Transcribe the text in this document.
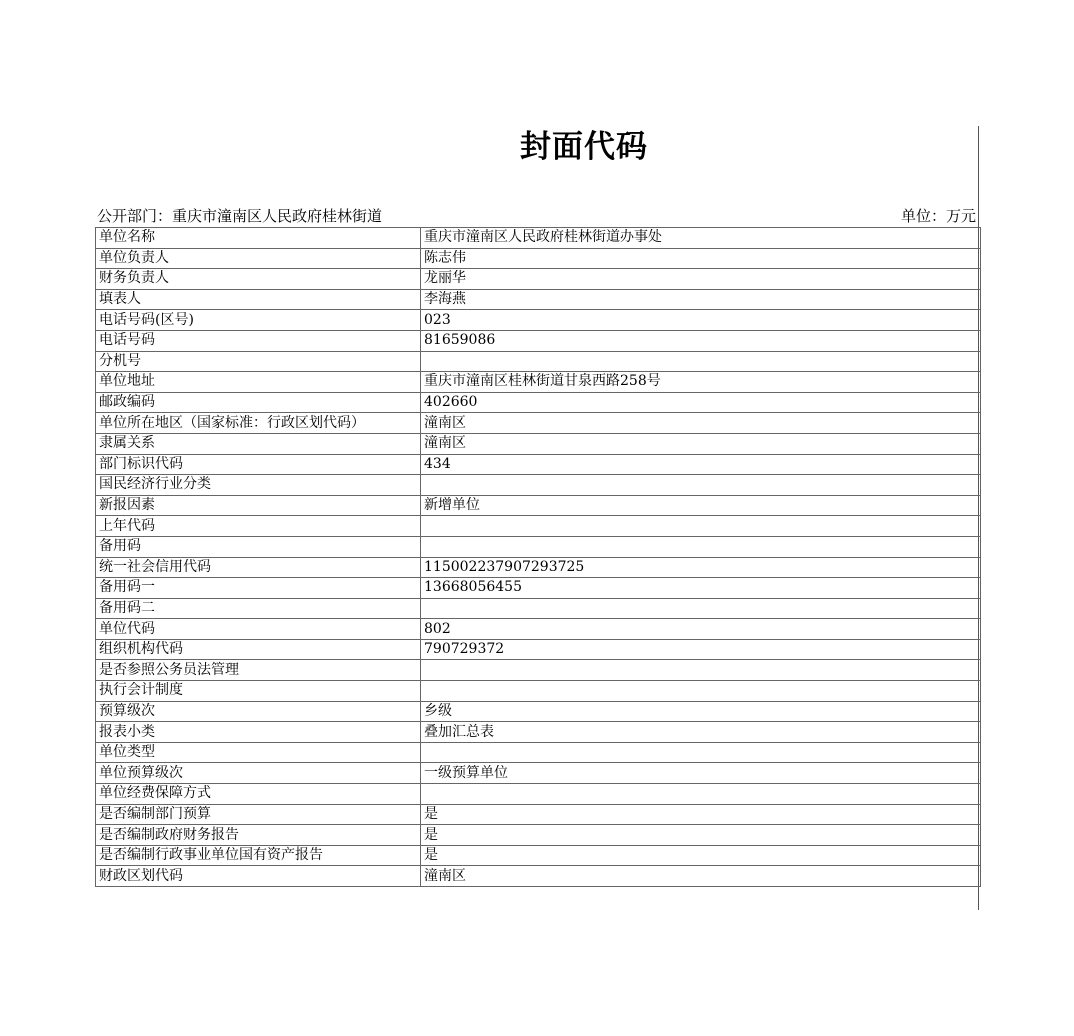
封面代码
公开部门：重庆市潼南区人民政府桂林街道	单位：万元
单位名称	重庆市潼南区人民政府桂林街道办事处
单位负责人	陈志伟
财务负责人	龙丽华
填表人	李海燕
电话号码(区号)	023
电话号码	81659086
分机号	
单位地址	重庆市潼南区桂林街道甘泉西路258号
邮政编码	402660
单位所在地区（国家标准：行政区划代码）	潼南区
隶属关系	潼南区
部门标识代码	434
国民经济行业分类	
新报因素	新增单位
上年代码	
备用码	
统一社会信用代码	115002237907293725
备用码一	13668056455
备用码二	
单位代码	802
组织机构代码	790729372
是否参照公务员法管理	
执行会计制度	
预算级次	乡级
报表小类	叠加汇总表
单位类型	
单位预算级次	一级预算单位
单位经费保障方式	
是否编制部门预算	是
是否编制政府财务报告	是
是否编制行政事业单位国有资产报告	是
财政区划代码	潼南区
